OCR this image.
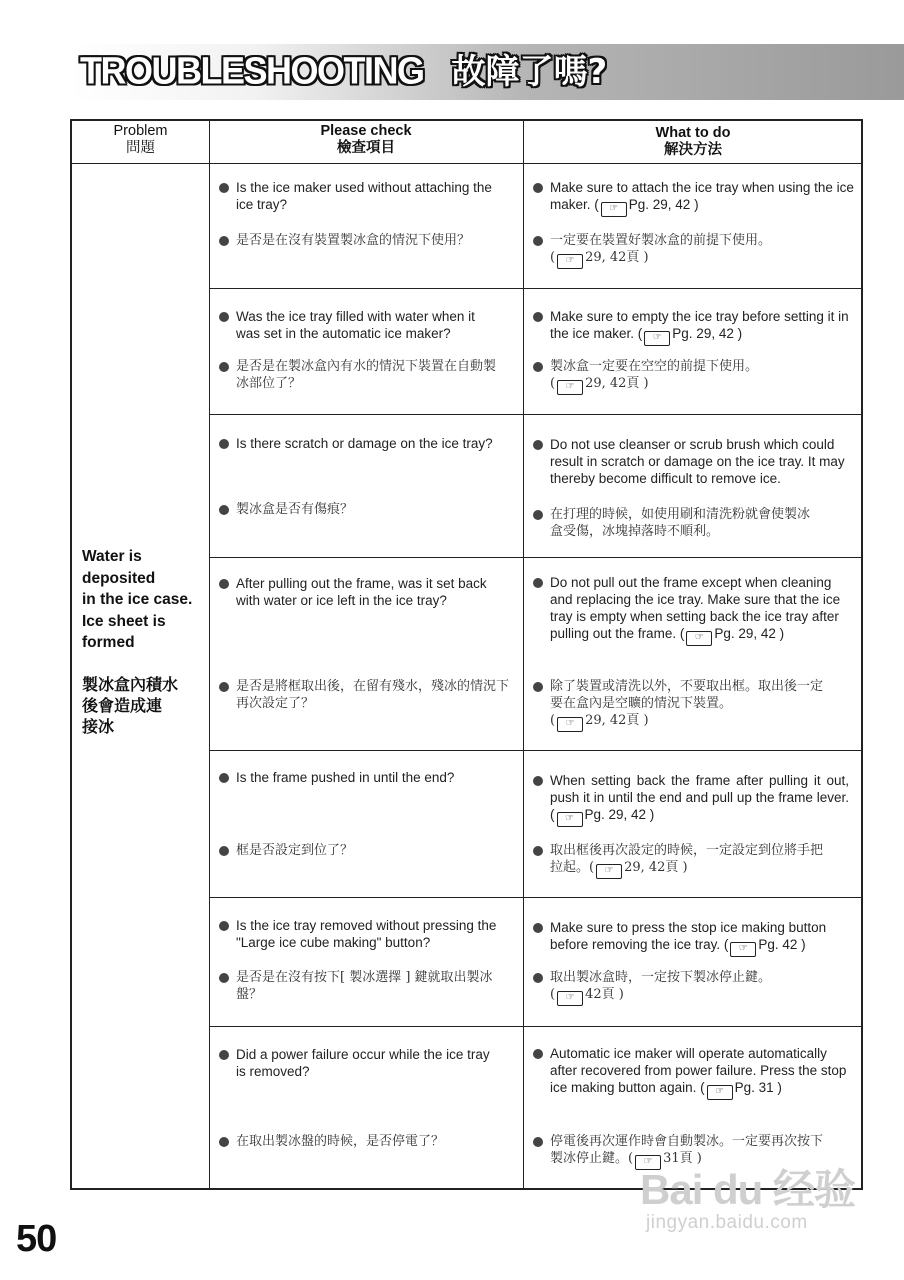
TROUBLESHOOTING 故障了嗎?
Problem
問題
Please check
檢查項目
What to do
解決方法
Water is
deposited
in the ice case.
Ice sheet is
formed
製冰盒內積水
後會造成連
接冰
Is the ice maker used without attaching the ice tray?
是否是在沒有裝置製冰盒的情況下使用？
Make sure to attach the ice tray when using the ice maker. ( ☞ Pg. 29, 42 )
一定要在裝置好製冰盒的前提下使用。
( ☞ 29, 42頁 )
Was the ice tray filled with water when it was set in the automatic ice maker?
是否是在製冰盒內有水的情況下裝置在自動製冰部位了？
Make sure to empty the ice tray before setting it in the ice maker. ( ☞ Pg. 29, 42 )
製冰盒一定要在空空的前提下使用。
( ☞ 29, 42頁 )
Is there scratch or damage on the ice tray?
製冰盒是否有傷痕？
Do not use cleanser or scrub brush which could result in scratch or damage on the ice tray. It may thereby become difficult to remove ice.
在打理的時候，如使用刷和清洗粉就會使製冰盒受傷，冰塊掉落時不順利。
After pulling out the frame, was it set back with water or ice left in the ice tray?
是否是將框取出後，在留有殘水，殘冰的情況下再次設定了？
Do not pull out the frame except when cleaning and replacing the ice tray. Make sure that the ice tray is empty when setting back the ice tray after pulling out the frame. ( ☞ Pg. 29, 42 )
除了裝置或清洗以外，不要取出框。取出後一定要在盒內是空曠的情況下裝置。
( ☞ 29, 42頁 )
Is the frame pushed in until the end?
框是否設定到位了？
When setting back the frame after pulling it out, push it in until the end and pull up the frame lever. ( ☞ Pg. 29, 42 )
取出框後再次設定的時候，一定設定到位將手把拉起。( ☞ 29, 42頁 )
Is the ice tray removed without pressing the "Large ice cube making" button?
是否是在沒有按下[ 製冰選擇 ] 鍵就取出製冰盤？
Make sure to press the stop ice making button before removing the ice tray. ( ☞ Pg. 42 )
取出製冰盒時，一定按下製冰停止鍵。
( ☞ 42頁 )
Did a power failure occur while the ice tray is removed?
在取出製冰盤的時候，是否停電了？
Automatic ice maker will operate automatically after recovered from power failure. Press the stop ice making button again. ( ☞ Pg. 31 )
停電後再次運作時會自動製冰。一定要再次按下製冰停止鍵。( ☞ 31頁 )
50
Bai du 经验
jingyan.baidu.com
